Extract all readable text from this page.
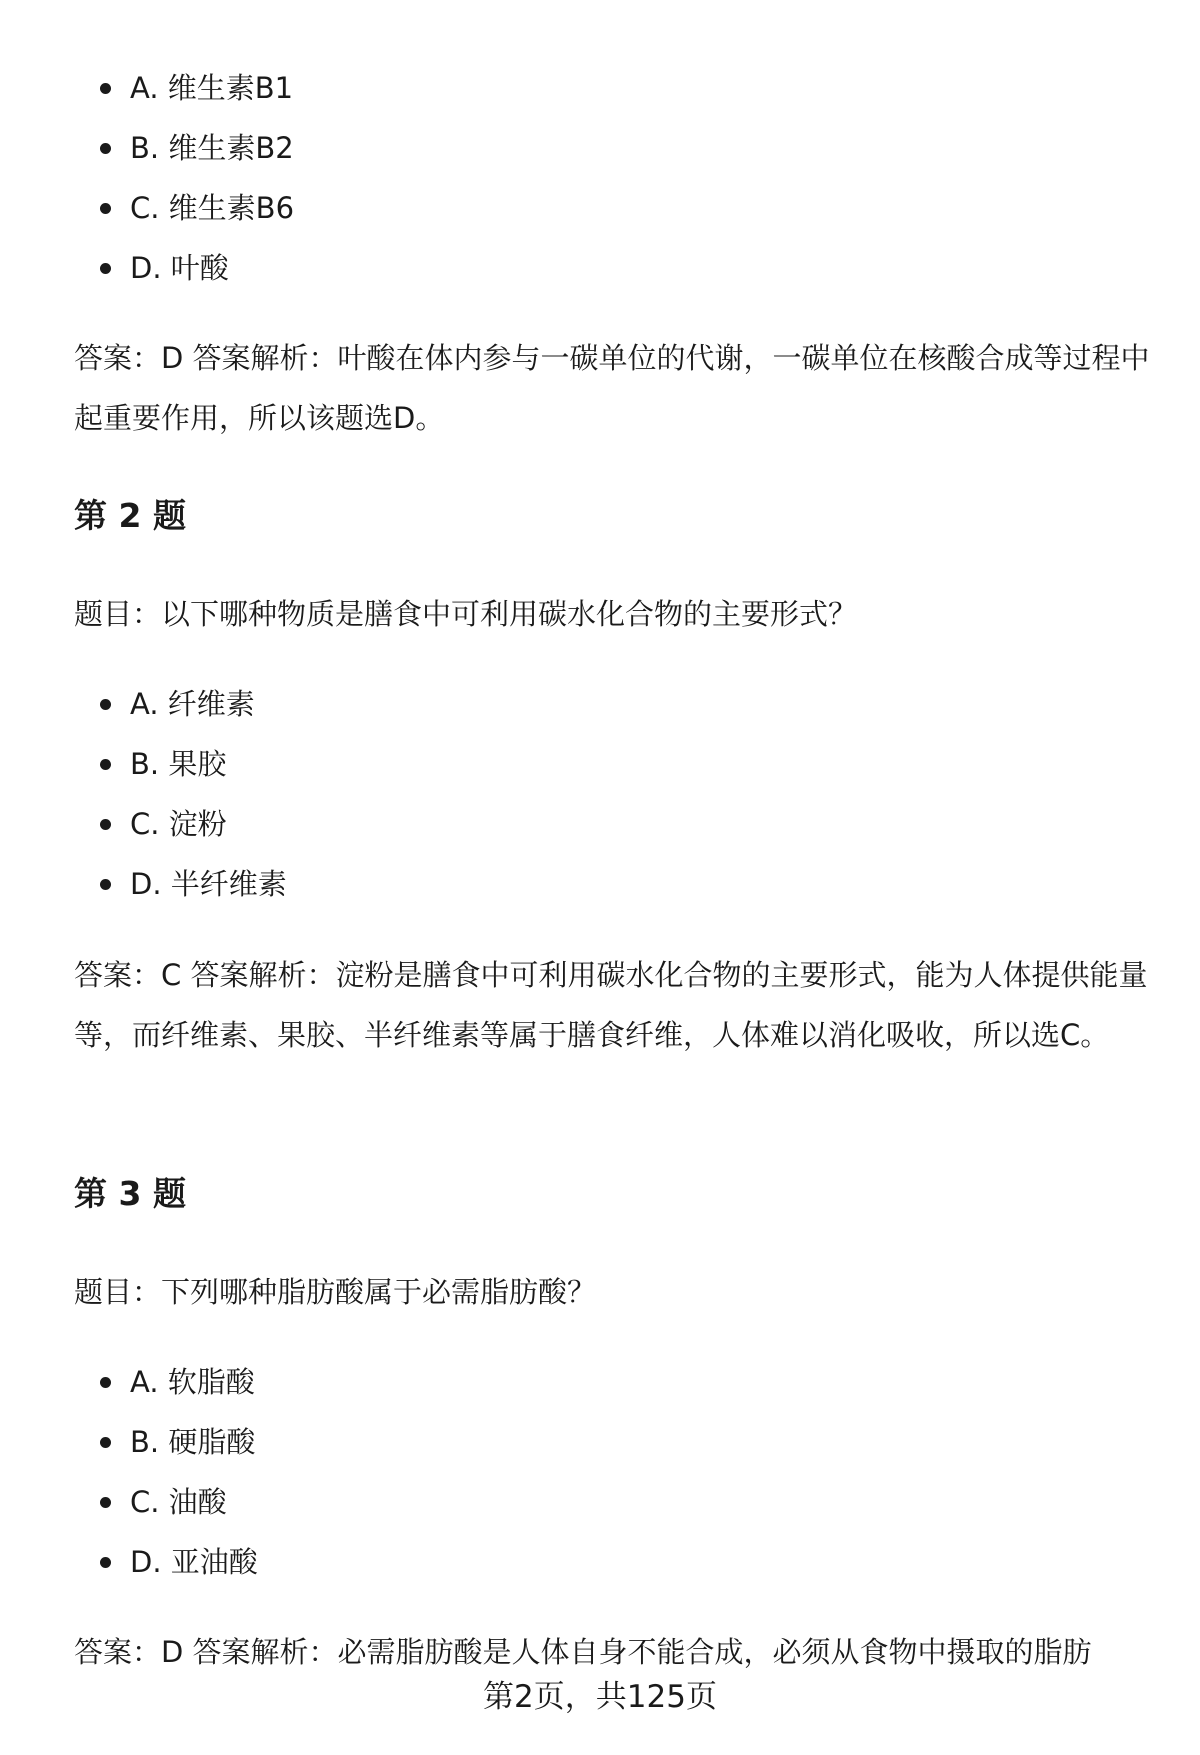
A. 维生素B1
B. 维生素B2
C. 维生素B6
D. 叶酸

答案：D 答案解析：叶酸在体内参与一碳单位的代谢，一碳单位在核酸合成等过程中起重要作用，所以该题选D。

第 2 题

题目：以下哪种物质是膳食中可利用碳水化合物的主要形式？

A. 纤维素
B. 果胶
C. 淀粉
D. 半纤维素

答案：C 答案解析：淀粉是膳食中可利用碳水化合物的主要形式，能为人体提供能量等，而纤维素、果胶、半纤维素等属于膳食纤维，人体难以消化吸收，所以选C。

第 3 题

题目：下列哪种脂肪酸属于必需脂肪酸？

A. 软脂酸
B. 硬脂酸
C. 油酸
D. 亚油酸

答案：D 答案解析：必需脂肪酸是人体自身不能合成，必须从食物中摄取的脂肪

第2页，共125页
